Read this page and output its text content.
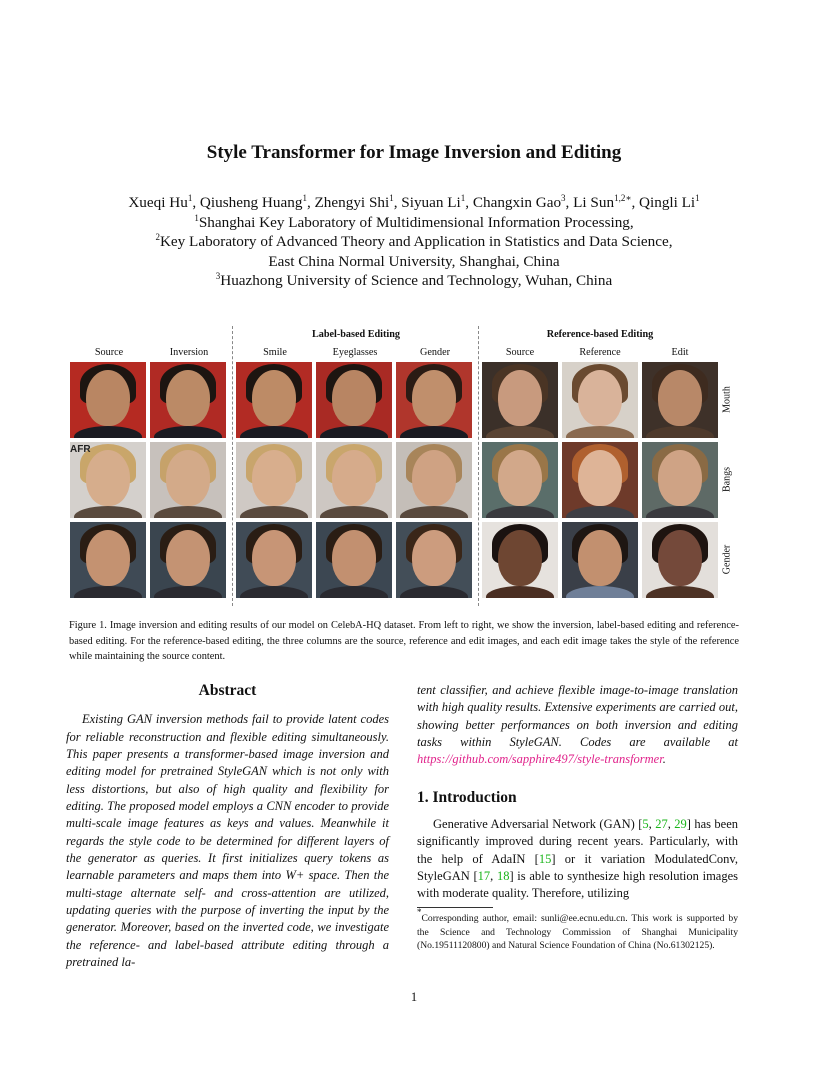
Style Transformer for Image Inversion and Editing
Xueqi Hu$^1$, Qiusheng Huang$^1$, Zhengyi Shi$^1$, Siyuan Li$^1$, Changxin Gao$^3$, Li Sun$^{1,2∗}$, Qingli Li$^1$
$^1$Shanghai Key Laboratory of Multidimensional Information Processing,
$^2$Key Laboratory of Advanced Theory and Application in Statistics and Data Science,
East China Normal University, Shanghai, China
$^3$Huazhong University of Science and Technology, Wuhan, China
Label-based Editing	Reference-based Editing
Source	Inversion	Smile	Eyeglasses	Gender	Source	Reference	Edit
AFR
Mouth
Bangs
Gender
Figure 1. Image inversion and editing results of our model on CelebA-HQ dataset. From left to right, we show the inversion, label-based editing and reference-based editing. For the reference-based editing, the three columns are the source, reference and edit images, and each edit image takes the style of the reference while maintaining the source content.
Abstract
Existing GAN inversion methods fail to provide latent codes for reliable reconstruction and flexible editing simultaneously. This paper presents a transformer-based image inversion and editing model for pretrained StyleGAN which is not only with less distortions, but also of high quality and flexibility for editing. The proposed model employs a CNN encoder to provide multi-scale image features as keys and values. Meanwhile it regards the style code to be determined for different layers of the generator as queries. It first initializes query tokens as learnable parameters and maps them into W+ space. Then the multi-stage alternate self- and cross-attention are utilized, updating queries with the purpose of inverting the input by the generator. Moreover, based on the inverted code, we investigate the reference- and label-based attribute editing through a pretrained la-
tent classifier, and achieve flexible image-to-image translation with high quality results. Extensive experiments are carried out, showing better performances on both inversion and editing tasks within StyleGAN. Codes are available at https://github.com/sapphire497/style-transformer.
1. Introduction
Generative Adversarial Network (GAN) [5, 27, 29] has been significantly improved during recent years. Particularly, with the help of AdaIN [15] or it variation ModulatedConv, StyleGAN [17, 18] is able to synthesize high resolution images with moderate quality. Therefore, utilizing
*Corresponding author, email: sunli@ee.ecnu.edu.cn. This work is supported by the Science and Technology Commission of Shanghai Municipality (No.19511120800) and Natural Science Foundation of China (No.61302125).
1
